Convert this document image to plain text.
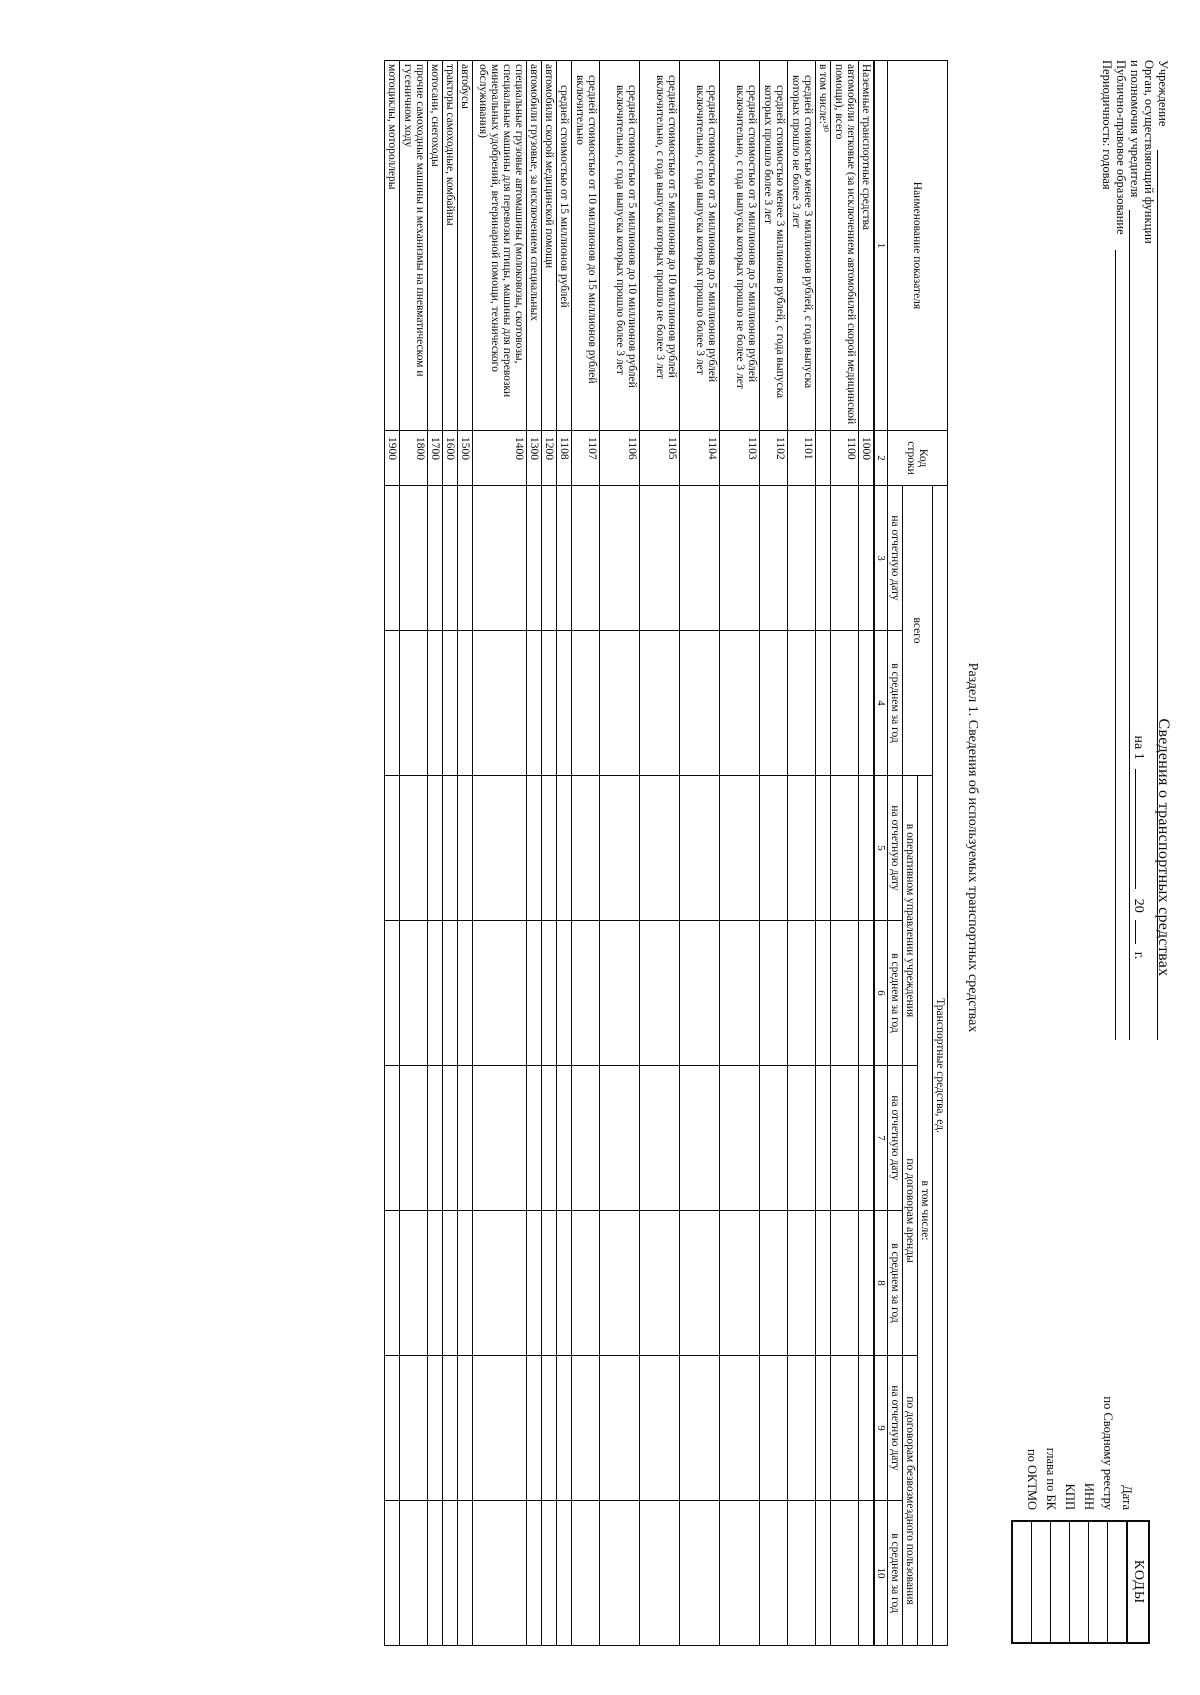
Сведения о транспортных средствах
на 1  20  г.
Учреждение
Орган, осуществляющий функции
и полномочия учредителя
Публично-правовое образование
Периодичность: годовая
Дата
по Сводному реестру
ИНН
КПП
глава по БК
по ОКТМО
КОДЫ
Раздел 1. Сведения об используемых транспортных средствах
Наименование показателя	Код строки	Транспортные средства, ед.							
		всего		в том числе:					
				в оперативном управлении учреждения		по договорам аренды		по договорам безвозмездного пользования	
		на отчетную дату	в среднем за год	на отчетную дату	в среднем за год	на отчетную дату	в среднем за год	на отчетную дату	в среднем за год
1	2	3	4	5	6	7	8	9	10
Наземные транспортные средства	1000								
автомобили легковые (за исключением автомобилей скорой медицинской помощи), всего	1100								
в том числе:³⁰									
средней стоимостью менее 3 миллионов рублей, с года выпуска которых прошло не более 3 лет	1101								
средней стоимостью менее 3 миллионов рублей, с года выпуска которых прошло более 3 лет	1102								
средней стоимостью от 3 миллионов до 5 миллионов рублей включительно, с года выпуска которых прошло не более 3 лет	1103								
средней стоимостью от 3 миллионов до 5 миллионов рублей включительно, с года выпуска которых прошло более 3 лет	1104								
средней стоимостью от 5 миллионов до 10 миллионов рублей включительно, с года выпуска которых прошло не более 3 лет	1105								
средней стоимостью от 5 миллионов до 10 миллионов рублей включительно, с года выпуска которых прошло более 3 лет	1106								
средней стоимостью от 10 миллионов до 15 миллионов рублей включительно	1107								
средней стоимостью от 15 миллионов рублей	1108								
автомобили скорой медицинской помощи	1200								
автомобили грузовые, за исключением специальных	1300								
специальные грузовые автомашины (молоковозы, скотовозы, специальные машины для перевозки птицы, машины для перевозки минеральных удобрений, ветеринарной помощи, технического обслуживания)	1400								
автобусы	1500								
тракторы самоходные, комбайны	1600								
мотосани, снегоходы	1700								
прочие самоходные машины и механизмы на пневматическом и гусеничном ходу	1800								
мотоциклы, мотороллеры	1900								
